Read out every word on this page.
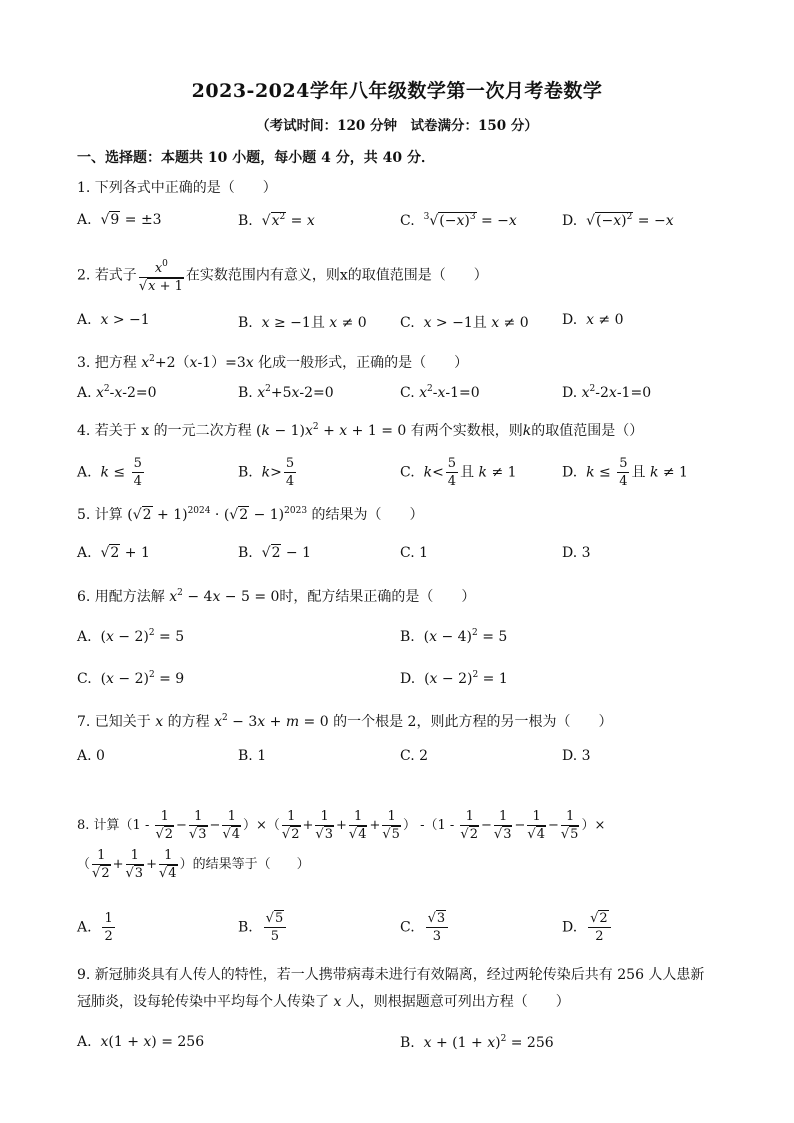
2023-2024学年八年级数学第一次月考卷数学
（考试时间：120 分钟　试卷满分：150 分）
一、选择题：本题共 10 小题，每小题 4 分，共 40 分．
1. 下列各式中正确的是（　　）
A.  √9 = ±3	B.  $√x^2 = x$	C.  $^3√(-x)^3 = -x$	D.  $√(-x)^2 = -x$
2. 若式子 $\frac{x^0}{√x + 1}$ 在实数范围内有意义，则x的取值范围是（　　）
A.  x > −1	B.  x ≥ −1且 x ≠ 0 C.  x > −1且 x ≠ 0 D.  x ≠ 0
3. 把方程 $x^2+2(x-1)=3x$ 化成一般形式，正确的是（　　）
A. $x^2-x-2=0$	B. $x^2+5x-2=0$	C. $x^2-x-1=0$	D. $x^2-2x-1=0$
4. 若关于 x 的一元二次方程 $(k - 1)x^2 + x + 1 = 0$ 有两个实数根，则k的取值范围是（）
A.  $k \le \frac{5}{4}$	B.  $k> \frac{5}{4}$	C.  $k< \frac{5}{4}$ 且 k ≠ 1	D.  $k \le \frac{5}{4}$ 且 k ≠ 1
5. 计算 $(√2 + 1)^{2024} \cdot (√2 - 1)^{2023}$ 的结果为（　　）
A.  √2 + 1	B.  √2 − 1	C. 1	D. 3
6. 用配方法解 $x^2 - 4x - 5 = 0$时，配方结果正确的是（　　）
A.  $(x - 2)^2 = 5$	B.  $(x - 4)^2 = 5$
C.  $(x - 2)^2 = 9$	D.  $(x - 2)^2 = 1$
7. 已知关于 x 的方程 $x^2 - 3x + m = 0$ 的一个根是 2，则此方程的另一根为（　　）
A. 0	B. 1	C. 2	D. 3
8. 计算（$1 - \frac{1}{√2} - \frac{1}{√3} - \frac{1}{√4}$ ）×（ $\frac{1}{√2} + \frac{1}{√3} + \frac{1}{√4} + \frac{1}{√5}$ ） $-(1 - \frac{1}{√2} - \frac{1}{√3} - \frac{1}{√4} - \frac{1}{√5}$ ）×
（ $\frac{1}{√2} + \frac{1}{√3} + \frac{1}{√4}$ ）的结果等于（　　）
A. $\frac{1}{2}$	B. $\frac{√5}{5}$	C. $\frac{√3}{3}$	D. $\frac{√2}{2}$
9. 新冠肺炎具有人传人的特性，若一人携带病毒未进行有效隔离，经过两轮传染后共有 256 人人患新冠肺炎，设每轮传染中平均每个人传染了 x 人，则根据题意可列出方程（　　）
A.  x(1 + x) = 256	B.  $x + (1 + x)^2 = 256$
